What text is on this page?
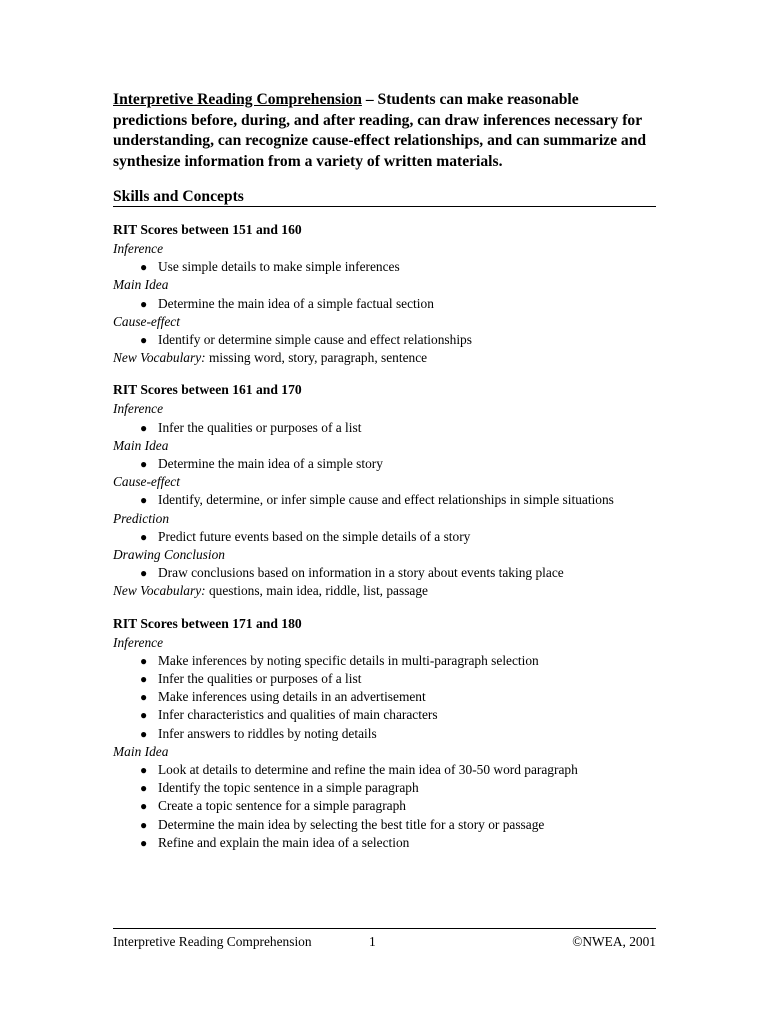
Interpretive Reading Comprehension – Students can make reasonable predictions before, during, and after reading, can draw inferences necessary for understanding, can recognize cause-effect relationships, and can summarize and synthesize information from a variety of written materials.
Skills and Concepts
RIT Scores between 151 and 160
Inference
● Use simple details to make simple inferences
Main Idea
● Determine the main idea of a simple factual section
Cause-effect
● Identify or determine simple cause and effect relationships
New Vocabulary: missing word, story, paragraph, sentence
RIT Scores between 161 and 170
Inference
● Infer the qualities or purposes of a list
Main Idea
● Determine the main idea of a simple story
Cause-effect
● Identify, determine, or infer simple cause and effect relationships in simple situations
Prediction
● Predict future events based on the simple details of a story
Drawing Conclusion
● Draw conclusions based on information in a story about events taking place
New Vocabulary: questions, main idea, riddle, list, passage
RIT Scores between 171 and 180
Inference
● Make inferences by noting specific details in multi-paragraph selection
● Infer the qualities or purposes of a list
● Make inferences using details in an advertisement
● Infer characteristics and qualities of main characters
● Infer answers to riddles by noting details
Main Idea
● Look at details to determine and refine the main idea of 30-50 word paragraph
● Identify the topic sentence in a simple paragraph
● Create a topic sentence for a simple paragraph
● Determine the main idea by selecting the best title for a story or passage
● Refine and explain the main idea of a selection
Interpretive Reading Comprehension	1	©NWEA, 2001
